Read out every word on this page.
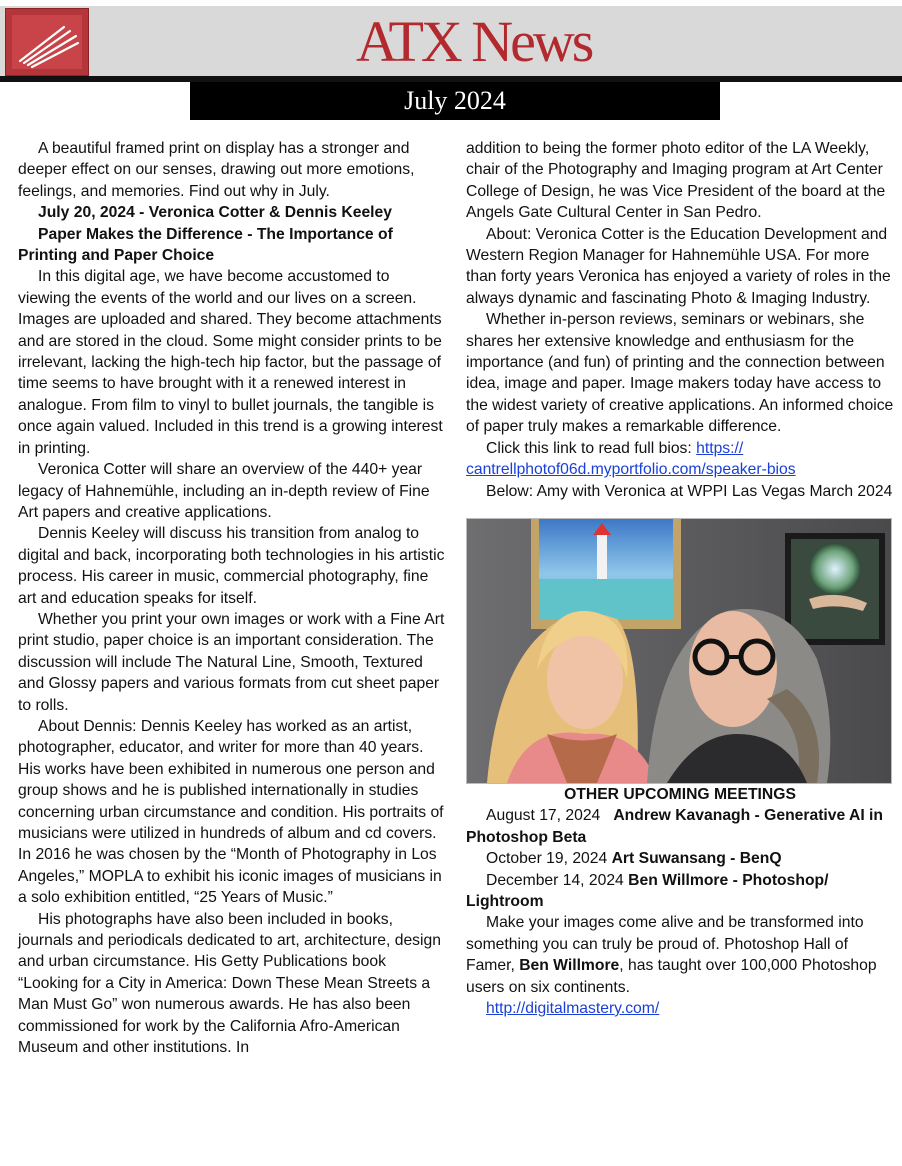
ATX News
July 2024

A beautiful framed print on display has a stronger and deeper effect on our senses, drawing out more emotions, feelings, and memories. Find out why in July.

July 20, 2024 - Veronica Cotter & Dennis Keeley

Paper Makes the Difference - The Importance of Printing and Paper Choice

In this digital age, we have become accustomed to viewing the events of the world and our lives on a screen. Images are uploaded and shared. They become attachments and are stored in the cloud. Some might consider prints to be irrelevant, lacking the high-tech hip factor, but the passage of time seems to have brought with it a renewed interest in analogue. From film to vinyl to bullet journals, the tangible is once again valued. Included in this trend is a growing interest in printing.

Veronica Cotter will share an overview of the 440+ year legacy of Hahnemühle, including an in-depth review of Fine Art papers and creative applications.

Dennis Keeley will discuss his transition from analog to digital and back, incorporating both technologies in his artistic process. His career in music, commercial photography, fine art and education speaks for itself.

Whether you print your own images or work with a Fine Art print studio, paper choice is an important consideration. The discussion will include The Natural Line, Smooth, Textured and Glossy papers and various formats from cut sheet paper to rolls.

About Dennis: Dennis Keeley has worked as an artist, photographer, educator, and writer for more than 40 years. His works have been exhibited in numerous one person and group shows and he is published internationally in studies concerning urban circumstance and condition. His portraits of musicians were utilized in hundreds of album and cd covers. In 2016 he was chosen by the “Month of Photography in Los Angeles,” MOPLA to exhibit his iconic images of musicians in a solo exhibition entitled, “25 Years of Music.”

His photographs have also been included in books, journals and periodicals dedicated to art, architecture, design and urban circumstance. His Getty Publications book “Looking for a City in America: Down These Mean Streets a Man Must Go” won numerous awards. He has also been commissioned for work by the California Afro-American Museum and other institutions. In

addition to being the former photo editor of the LA Weekly, chair of the Photography and Imaging program at Art Center College of Design, he was Vice President of the board at the Angels Gate Cultural Center in San Pedro.

About: Veronica Cotter is the Education Development and Western Region Manager for Hahnemühle USA. For more than forty years Veronica has enjoyed a variety of roles in the always dynamic and fascinating Photo & Imaging Industry.

Whether in-person reviews, seminars or webinars, she shares her extensive knowledge and enthusiasm for the importance (and fun) of printing and the connection between idea, image and paper. Image makers today have access to the widest variety of creative applications. An informed choice of paper truly makes a remarkable difference.

Click this link to read full bios: https://

cantrellphotof06d.myportfolio.com/speaker-bios

Below: Amy with Veronica at WPPI Las Vegas March 2024

OTHER UPCOMING MEETINGS

August 17, 2024 Andrew Kavanagh - Generative AI in Photoshop Beta

October 19, 2024 Art Suwansang - BenQ

December 14, 2024 Ben Willmore - Photoshop/ Lightroom

Make your images come alive and be transformed into something you can truly be proud of. Photoshop Hall of Famer, Ben Willmore, has taught over 100,000 Photoshop users on six continents.

http://digitalmastery.com/
